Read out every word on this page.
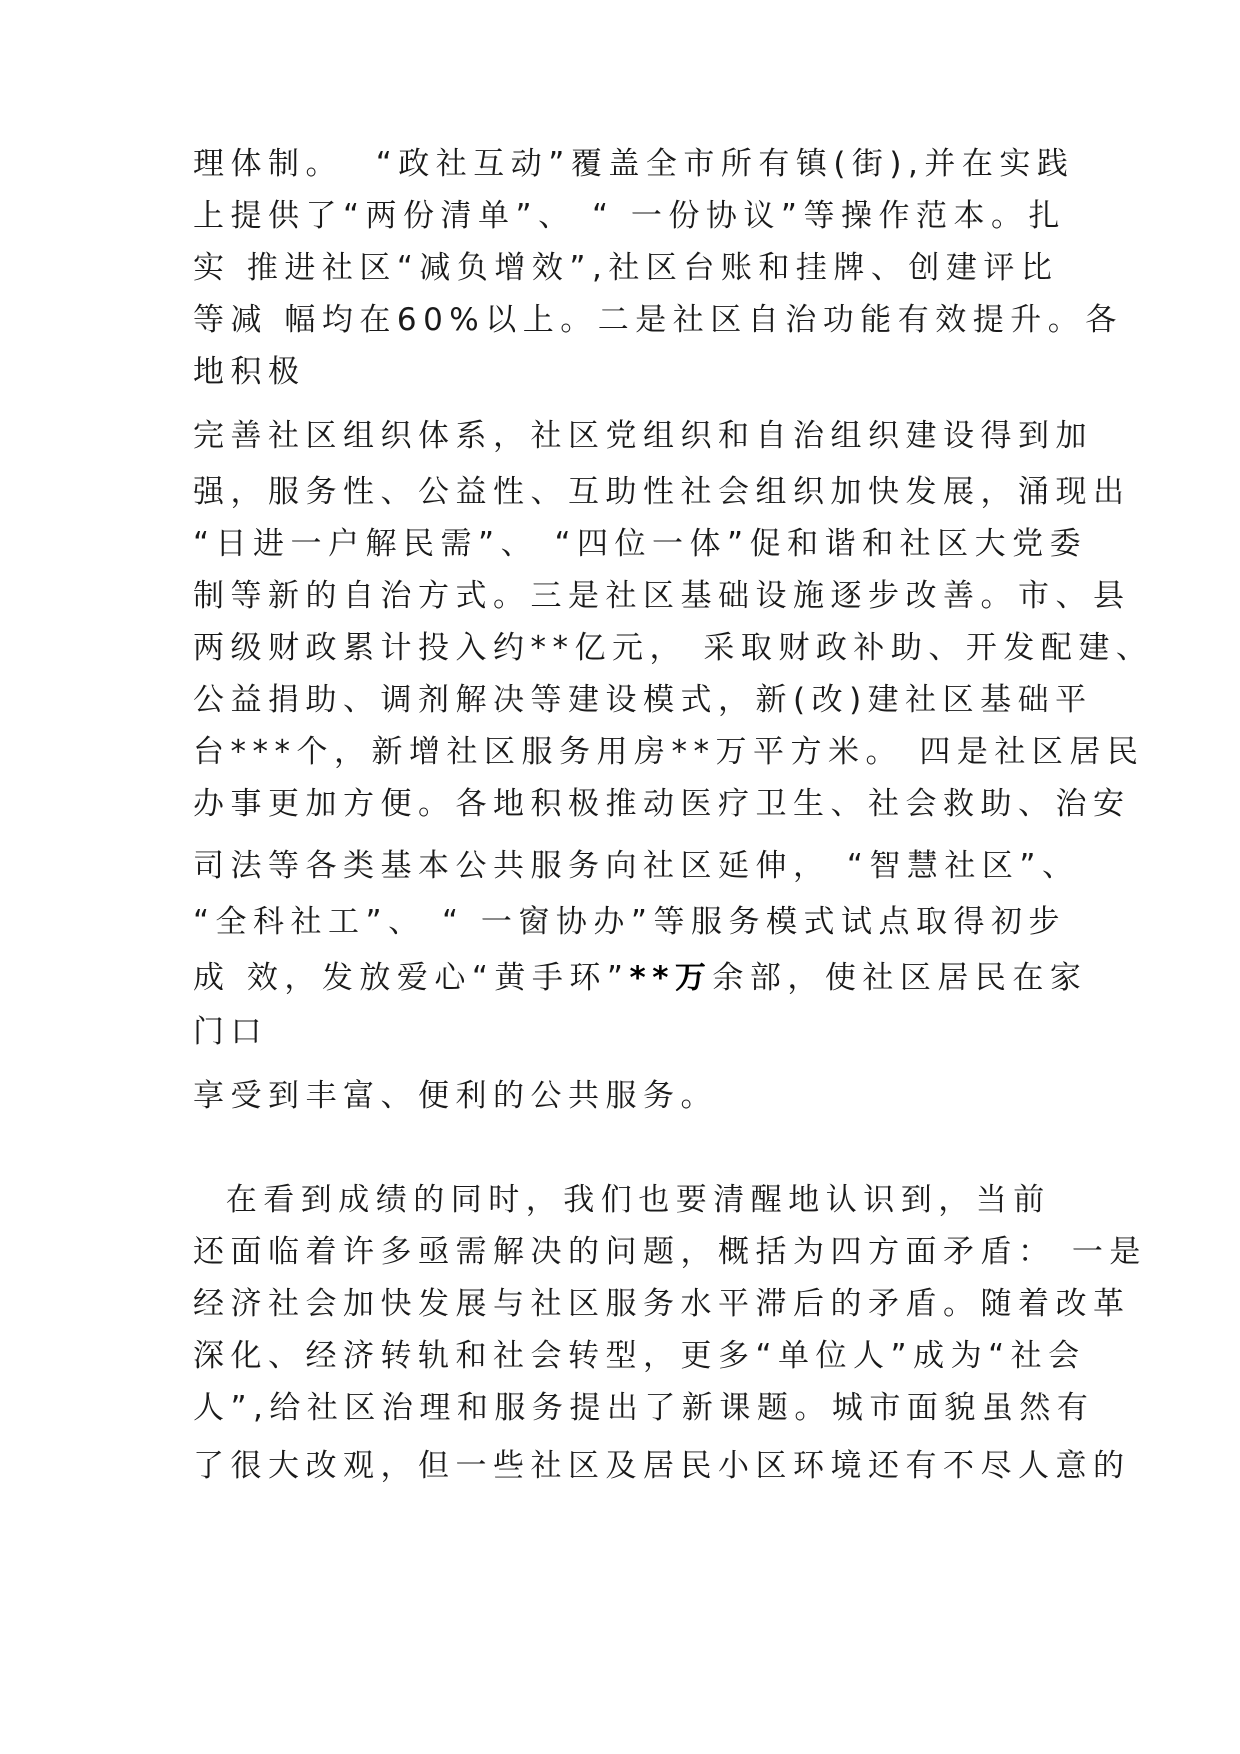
理体制。  “政社互动”覆盖全市所有镇(街),并在实践

上提供了“两份清单”、 “ 一份协议”等操作范本。扎

实 推进社区“减负增效”,社区台账和挂牌、创建评比

等减 幅均在60%以上。二是社区自治功能有效提升。各

地积极

完善社区组织体系，社区党组织和自治组织建设得到加

强，服务性、公益性、互助性社会组织加快发展，涌现出

“日进一户解民需”、 “四位一体”促和谐和社区大党委

制等新的自治方式。三是社区基础设施逐步改善。市、县

两级财政累计投入约**亿元， 采取财政补助、开发配建、

公益捐助、调剂解决等建设模式，新(改)建社区基础平

台***个，新增社区服务用房**万平方米。 四是社区居民

办事更加方便。各地积极推动医疗卫生、社会救助、治安

司法等各类基本公共服务向社区延伸， “智慧社区”、

“全科社工”、 “ 一窗协办”等服务模式试点取得初步

成 效，发放爱心“黄手环”**万余部，使社区居民在家

门口

享受到丰富、便利的公共服务。

在看到成绩的同时，我们也要清醒地认识到，当前

还面临着许多亟需解决的问题，概括为四方面矛盾： 一是

经济社会加快发展与社区服务水平滞后的矛盾。随着改革

深化、经济转轨和社会转型，更多“单位人”成为“社会

人”,给社区治理和服务提出了新课题。城市面貌虽然有

了很大改观，但一些社区及居民小区环境还有不尽人意的
